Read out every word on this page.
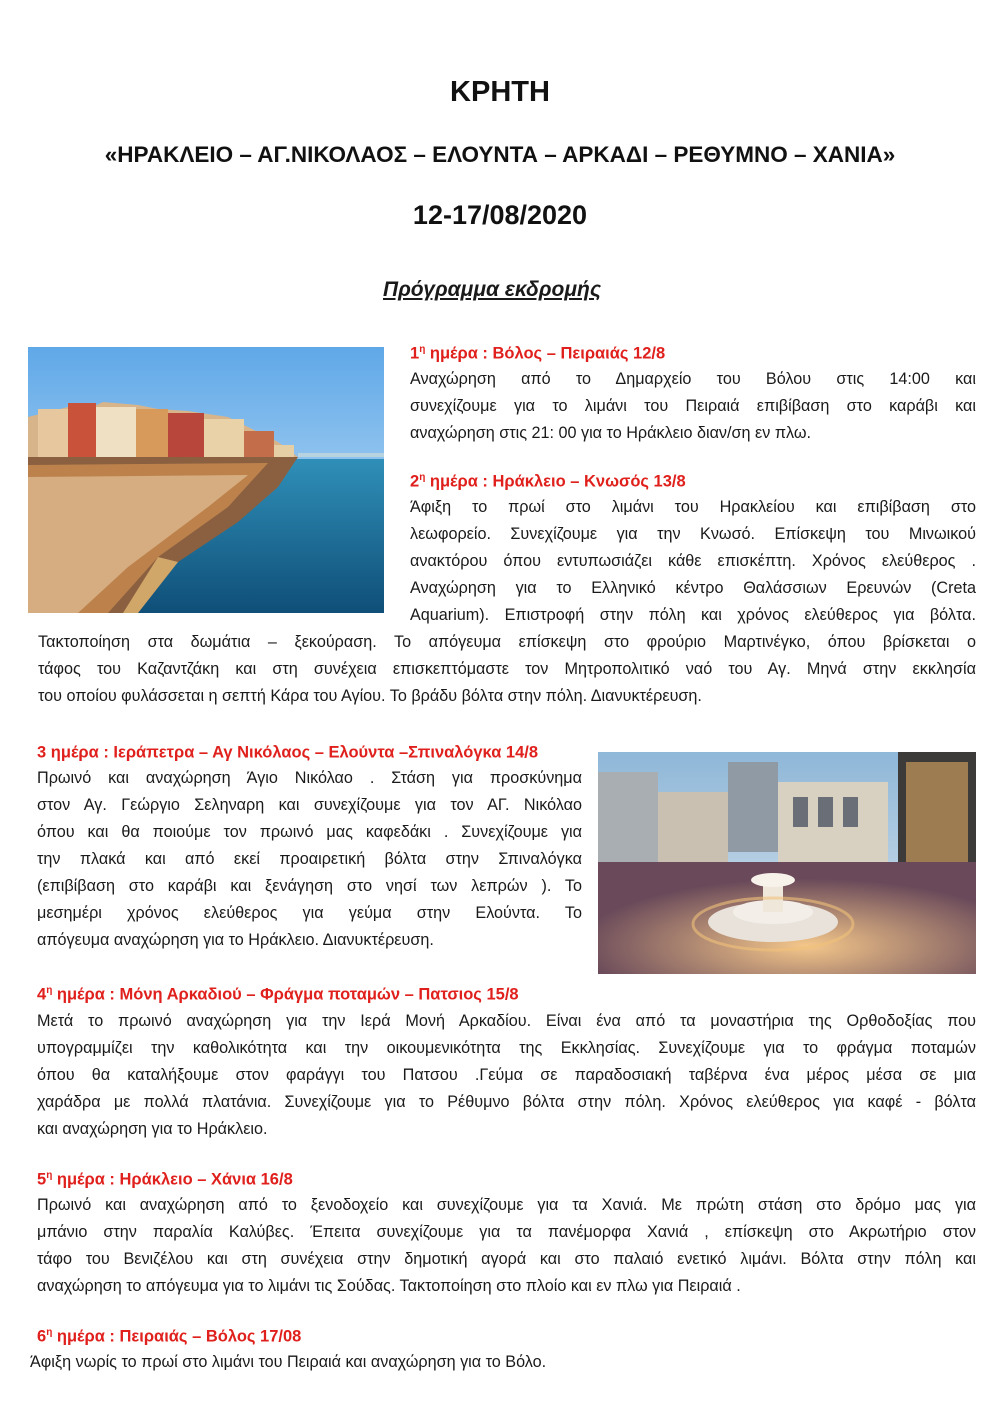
ΚΡΗΤΗ
«ΗΡΑΚΛΕΙΟ – ΑΓ.ΝΙΚΟΛΑΟΣ – ΕΛΟΥΝΤΑ – ΑΡΚΑΔΙ – ΡΕΘΥΜΝΟ – ΧΑΝΙΑ»
12-17/08/2020
Πρόγραμμα εκδρομής
$1^\eta$ ημέρα : Βόλος – Πειραιάς 12/8
Αναχώρηση από το Δημαρχείο του Βόλου στις 14:00 και
συνεχίζουμε για το λιμάνι του Πειραιά επιβίβαση στο καράβι και
αναχώρηση στις 21: 00 για το Ηράκλειο διαν/ση εν πλω.
$2^\eta$ ημέρα : Ηράκλειο – Κνωσός 13/8
Άφιξη το πρωί στο λιμάνι του Ηρακλείου και επιβίβαση στο
λεωφορείο. Συνεχίζουμε για την Κνωσό. Επίσκεψη του Μινωικού
ανακτόρου όπου εντυπωσιάζει κάθε επισκέπτη. Χρόνος ελεύθερος .
Αναχώρηση για το Ελληνικό κέντρο Θαλάσσιων Ερευνών (Creta
Aquarium). Επιστροφή στην πόλη και χρόνος ελεύθερος για βόλτα.
Τακτοποίηση στα δωμάτια – ξεκούραση. Το απόγευμα επίσκεψη στο φρούριο Μαρτινέγκο, όπου βρίσκεται ο
τάφος του Καζαντζάκη και στη συνέχεια επισκεπτόμαστε τον Μητροπολιτικό ναό του Αγ. Μηνά στην εκκλησία
του οποίου φυλάσσεται η σεπτή Κάρα του Αγίου. Το βράδυ βόλτα στην πόλη. Διανυκτέρευση.
3 ημέρα : Ιεράπετρα – Αγ Νικόλαος – Ελούντα –Σπιναλόγκα 14/8
Πρωινό και αναχώρηση Άγιο Νικόλαο . Στάση για προσκύνημα
στον Αγ. Γεώργιο Σεληναρη και συνεχίζουμε για τον ΑΓ. Νικόλαο
όπου και θα ποιούμε τον πρωινό μας καφεδάκι . Συνεχίζουμε για
την πλακά και από εκεί προαιρετική βόλτα στην Σπιναλόγκα
(επιβίβαση στο καράβι και ξενάγηση στο νησί των λεπρών ). Το
μεσημέρι χρόνος ελεύθερος για γεύμα στην Ελούντα. Το
απόγευμα αναχώρηση για το Ηράκλειο. Διανυκτέρευση.
$4^\eta$ ημέρα : Μόνη Αρκαδιού – Φράγμα ποταμών – Πατσιος 15/8
Μετά το πρωινό αναχώρηση για την Ιερά Μονή Αρκαδίου. Είναι ένα από τα μοναστήρια της Ορθοδοξίας που
υπογραμμίζει την καθολικότητα και την οικουμενικότητα της Εκκλησίας. Συνεχίζουμε για το φράγμα ποταμών
όπου θα καταλήξουμε στον φαράγγι του Πατσου .Γεύμα σε παραδοσιακή ταβέρνα ένα μέρος μέσα σε μια
χαράδρα με πολλά πλατάνια. Συνεχίζουμε για το Ρέθυμνο βόλτα στην πόλη. Χρόνος ελεύθερος για καφέ - βόλτα
και αναχώρηση για το Ηράκλειο.
$5^\eta$ ημέρα : Ηράκλειο – Χάνια 16/8
Πρωινό και αναχώρηση από το ξενοδοχείο και συνεχίζουμε για τα Χανιά. Με πρώτη στάση στο δρόμο μας για
μπάνιο στην παραλία Καλύβες. Έπειτα συνεχίζουμε για τα πανέμορφα Χανιά , επίσκεψη στο Ακρωτήριο στον
τάφο του Βενιζέλου και στη συνέχεια στην δημοτική αγορά και στο παλαιό ενετικό λιμάνι. Βόλτα στην πόλη και
αναχώρηση το απόγευμα για το λιμάνι τις Σούδας. Τακτοποίηση στο πλοίο και εν πλω για Πειραιά .
$6^\eta$ ημέρα : Πειραιάς – Βόλος 17/08
Άφιξη νωρίς το πρωί στο λιμάνι του Πειραιά και αναχώρηση για το Βόλο.
